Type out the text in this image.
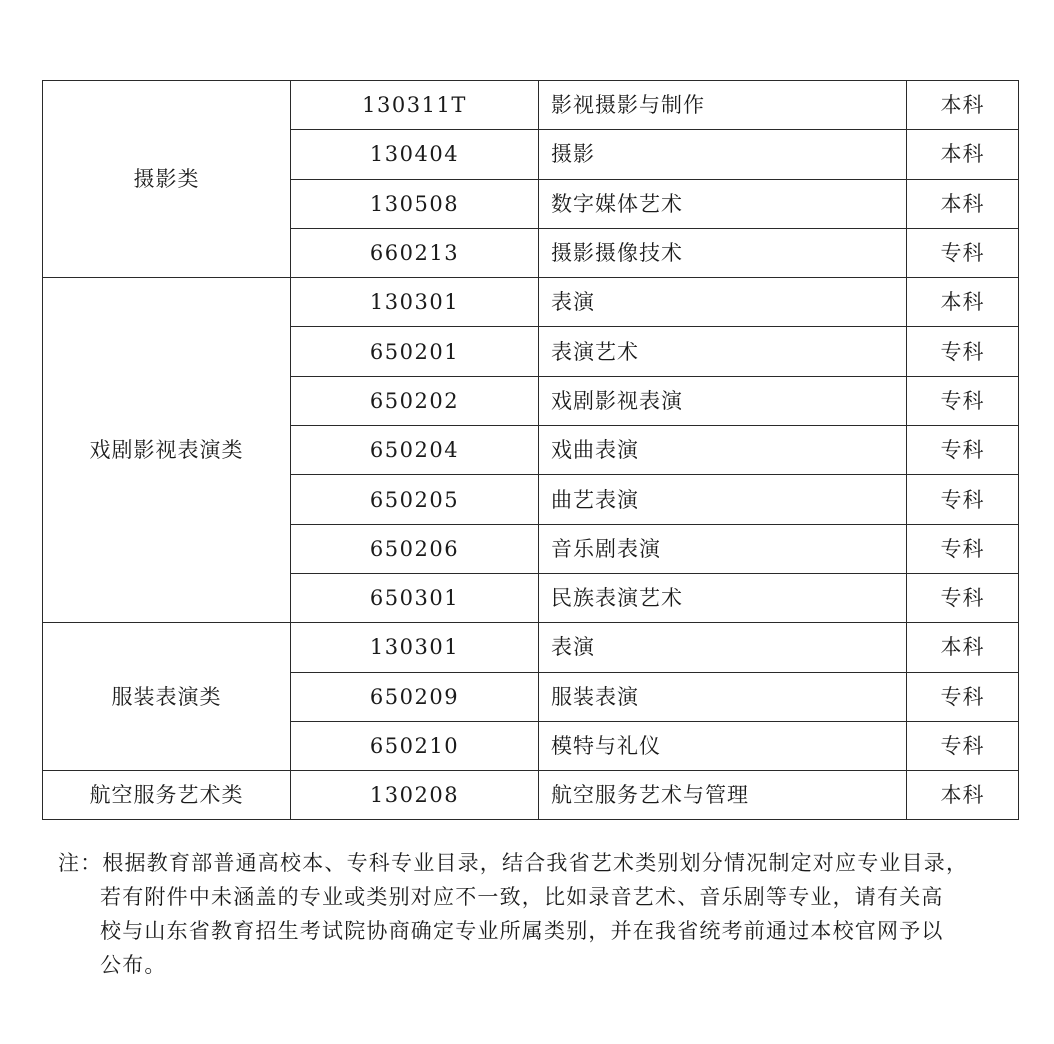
摄影类	130311T	影视摄影与制作	本科
	130404	摄影	本科
	130508	数字媒体艺术	本科
	660213	摄影摄像技术	专科
戏剧影视表演类	130301	表演	本科
	650201	表演艺术	专科
	650202	戏剧影视表演	专科
	650204	戏曲表演	专科
	650205	曲艺表演	专科
	650206	音乐剧表演	专科
	650301	民族表演艺术	专科
服装表演类	130301	表演	本科
	650209	服装表演	专科
	650210	模特与礼仪	专科
航空服务艺术类	130208	航空服务艺术与管理	本科
注：根据教育部普通高校本、专科专业目录，结合我省艺术类别划分情况制定对应专业目录，
若有附件中未涵盖的专业或类别对应不一致，比如录音艺术、音乐剧等专业，请有关高
校与山东省教育招生考试院协商确定专业所属类别，并在我省统考前通过本校官网予以
公布。
